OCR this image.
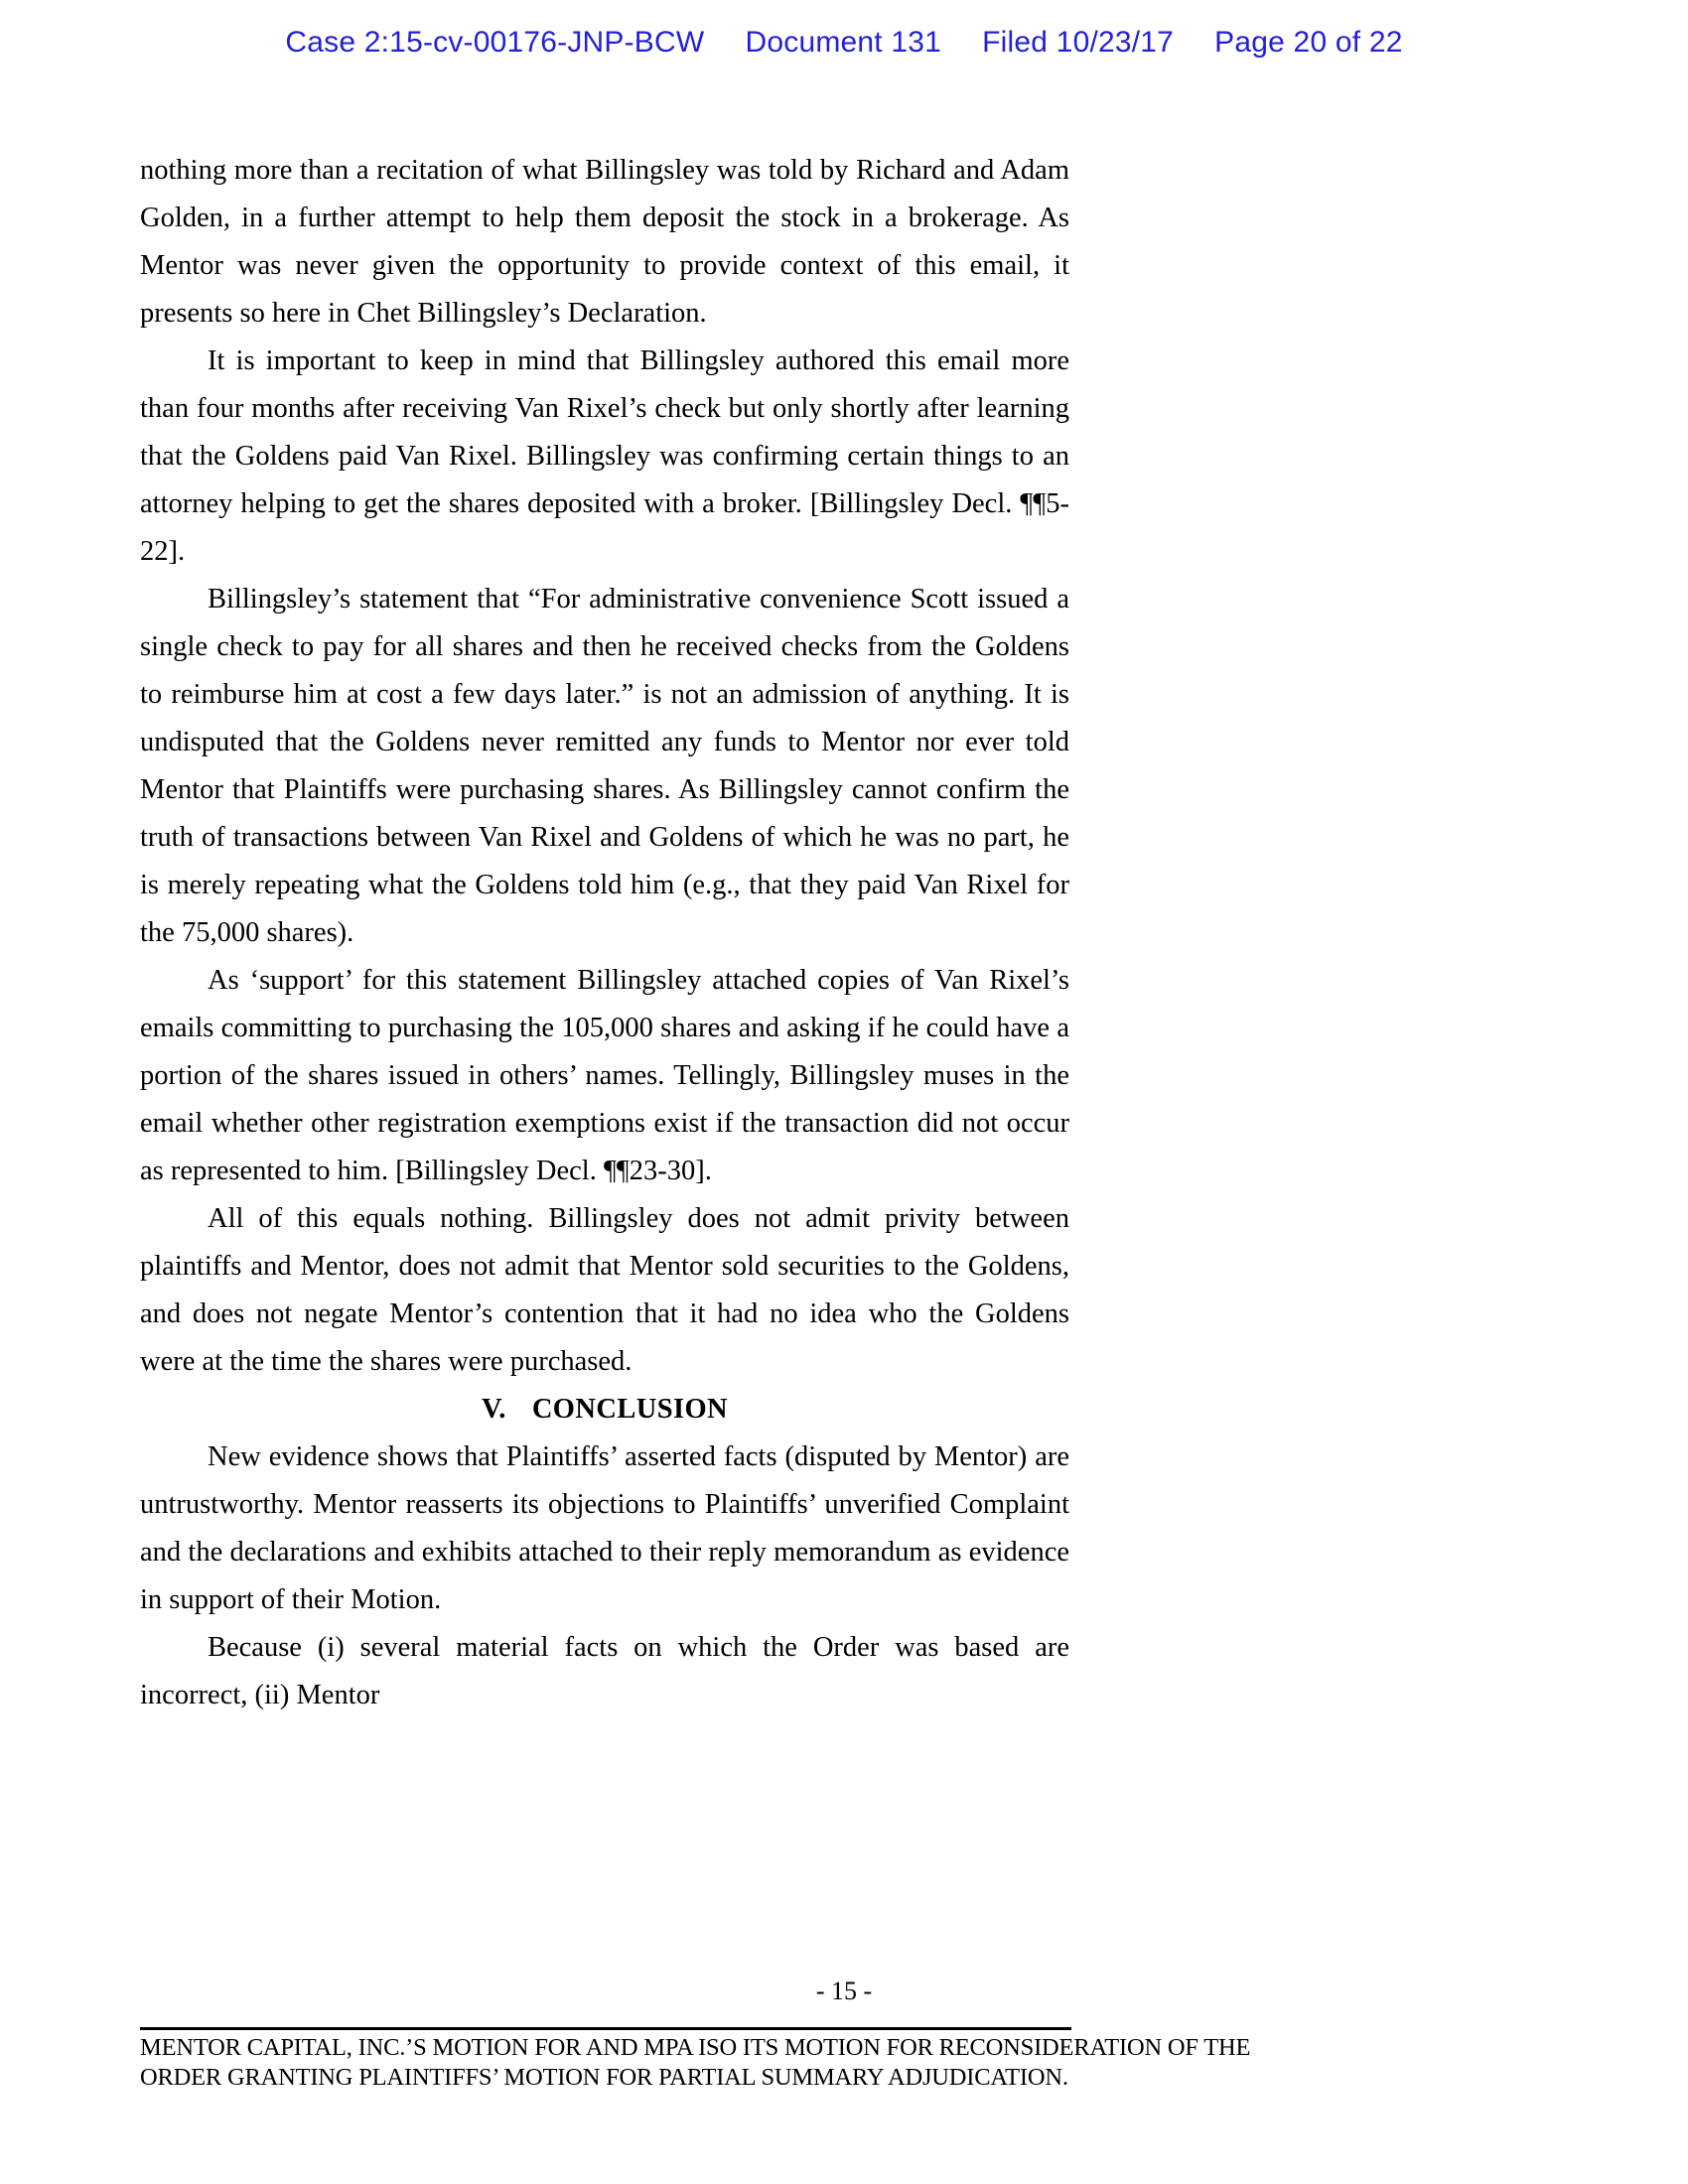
Case 2:15-cv-00176-JNP-BCW Document 131 Filed 10/23/17 Page 20 of 22

nothing more than a recitation of what Billingsley was told by Richard and Adam Golden, in a further attempt to help them deposit the stock in a brokerage. As Mentor was never given the opportunity to provide context of this email, it presents so here in Chet Billingsley’s Declaration.

It is important to keep in mind that Billingsley authored this email more than four months after receiving Van Rixel’s check but only shortly after learning that the Goldens paid Van Rixel. Billingsley was confirming certain things to an attorney helping to get the shares deposited with a broker. [Billingsley Decl. ¶¶5-22].

Billingsley’s statement that “For administrative convenience Scott issued a single check to pay for all shares and then he received checks from the Goldens to reimburse him at cost a few days later.” is not an admission of anything. It is undisputed that the Goldens never remitted any funds to Mentor nor ever told Mentor that Plaintiffs were purchasing shares. As Billingsley cannot confirm the truth of transactions between Van Rixel and Goldens of which he was no part, he is merely repeating what the Goldens told him (e.g., that they paid Van Rixel for the 75,000 shares).

As ‘support’ for this statement Billingsley attached copies of Van Rixel’s emails committing to purchasing the 105,000 shares and asking if he could have a portion of the shares issued in others’ names. Tellingly, Billingsley muses in the email whether other registration exemptions exist if the transaction did not occur as represented to him. [Billingsley Decl. ¶¶23-30].

All of this equals nothing. Billingsley does not admit privity between plaintiffs and Mentor, does not admit that Mentor sold securities to the Goldens, and does not negate Mentor’s contention that it had no idea who the Goldens were at the time the shares were purchased.

V. CONCLUSION

New evidence shows that Plaintiffs’ asserted facts (disputed by Mentor) are untrustworthy. Mentor reasserts its objections to Plaintiffs’ unverified Complaint and the declarations and exhibits attached to their reply memorandum as evidence in support of their Motion.

Because (i) several material facts on which the Order was based are incorrect, (ii) Mentor

- 15 -
MENTOR CAPITAL, INC.’S MOTION FOR AND MPA ISO ITS MOTION FOR RECONSIDERATION OF THE
ORDER GRANTING PLAINTIFFS’ MOTION FOR PARTIAL SUMMARY ADJUDICATION.
